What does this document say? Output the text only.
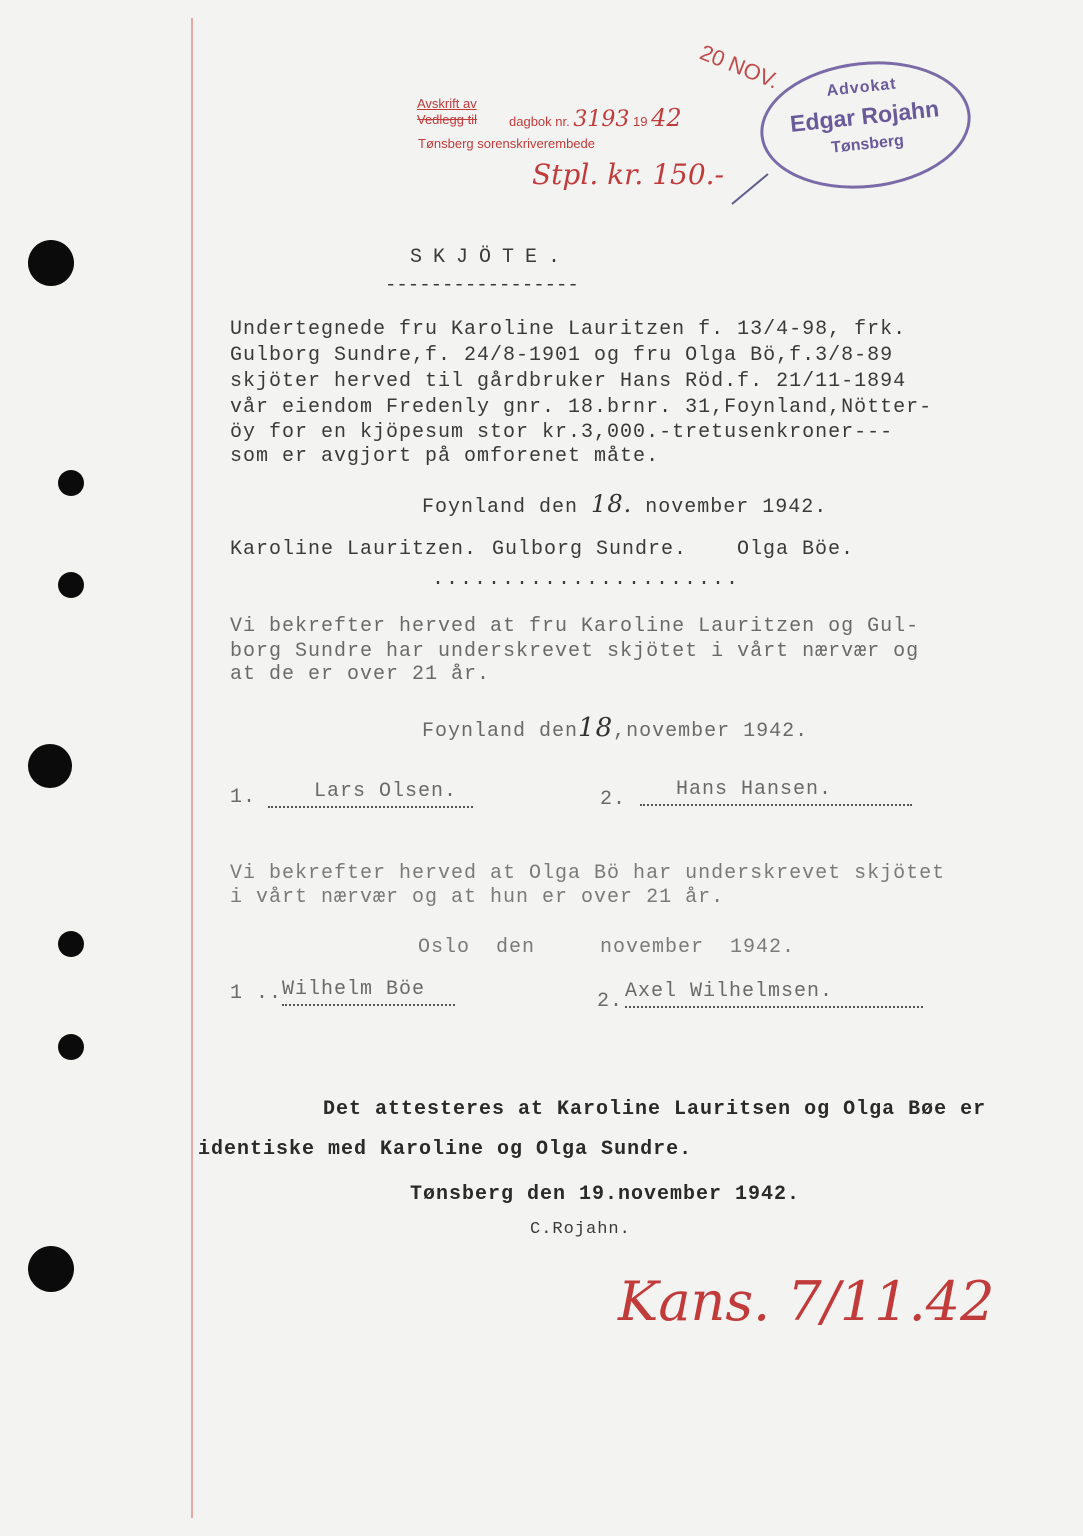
Avskrift av
Vedlegg til dagbok nr. 3193 19 42
Tønsberg sorenskriverembede
Stpl. kr. 150.-
20 NOV.	Advokat
Edgar Rojahn
Tønsberg
SKJÖTE.
-----------------
Undertegnede fru Karoline Lauritzen f. 13/4-98, frk.
Gulborg Sundre,f. 24/8-1901 og fru Olga Bö,f.3/8-89
skjöter herved til gårdbruker Hans Röd.f. 21/11-1894
vår eiendom Fredenly gnr. 18.brnr. 31,Foynland,Nötter-
öy for en kjöpesum stor kr.3,000.-tretusenkroner---
som er avgjort på omforenet måte.
Foynland den 18. november 1942.
Karoline Lauritzen. Gulborg Sundre. Olga Böe.
......................
Vi bekrefter herved at fru Karoline Lauritzen og Gul-
borg Sundre har underskrevet skjötet i vårt nærvær og
at de er over 21 år.
Foynland den18,november 1942.
1.	Lars Olsen.	2.	Hans Hansen.
Vi bekrefter herved at Olga Bö har underskrevet skjötet
i vårt nærvær og at hun er over 21 år.
Oslo  den     november  1942.
1 .. Wilhelm Böe
2. Axel Wilhelmsen.
Det attesteres at Karoline Lauritsen og Olga Bøe er
identiske med Karoline og Olga Sundre.
Tønsberg den 19.november 1942.
C.Rojahn.
Kans. 7/11.42
